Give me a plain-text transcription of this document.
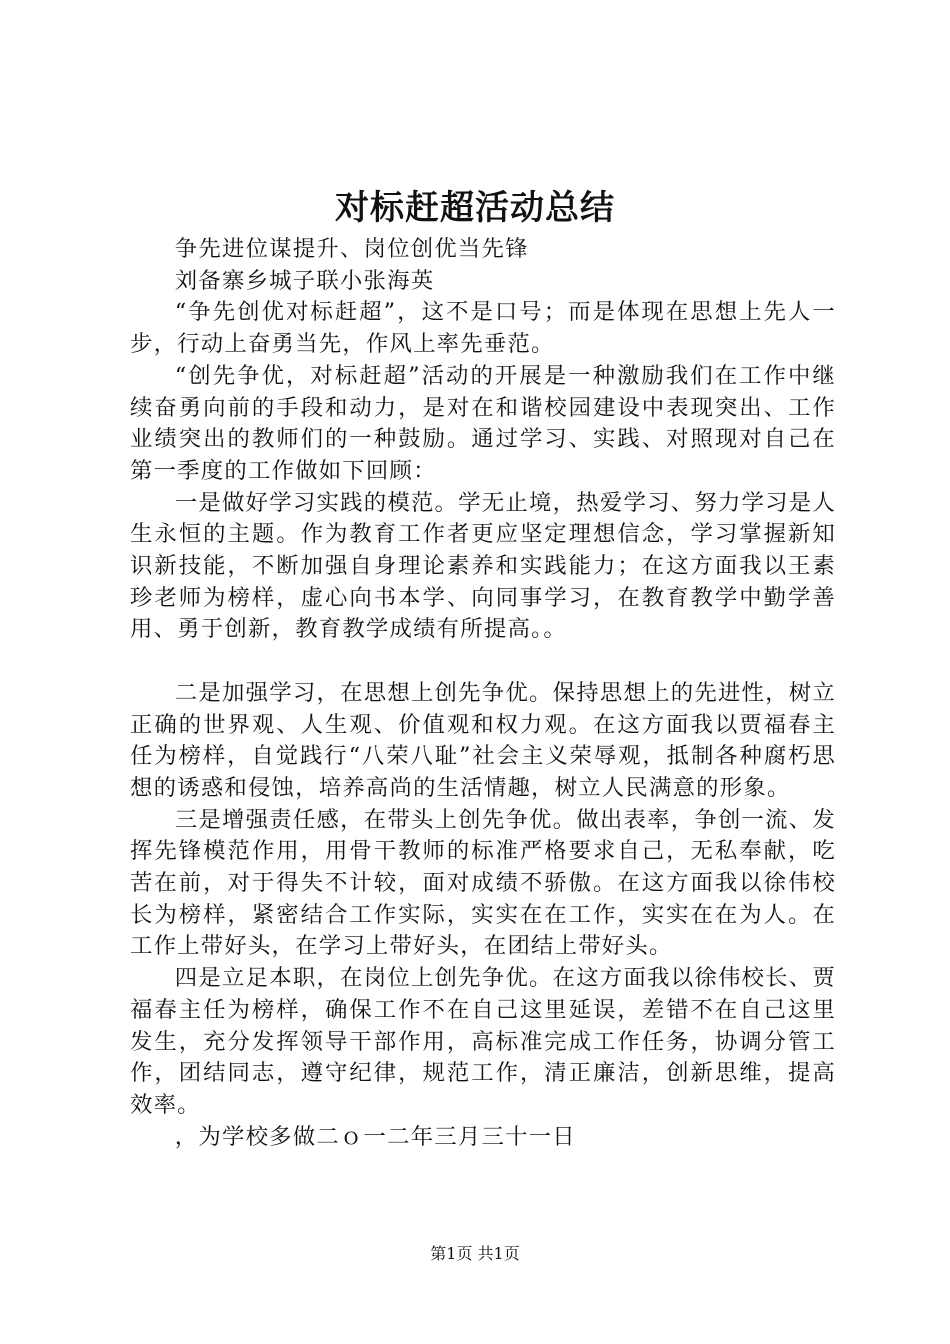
对标赶超活动总结

争先进位谋提升、岗位创优当先锋

刘备寨乡城子联小张海英

“争先创优对标赶超”，这不是口号；而是体现在思想上先人一步，行动上奋勇当先，作风上率先垂范。

“创先争优，对标赶超”活动的开展是一种激励我们在工作中继续奋勇向前的手段和动力，是对在和谐校园建设中表现突出、工作业绩突出的教师们的一种鼓励。通过学习、实践、对照现对自己在第一季度的工作做如下回顾：

一是做好学习实践的模范。学无止境，热爱学习、努力学习是人生永恒的主题。作为教育工作者更应坚定理想信念，学习掌握新知识新技能，不断加强自身理论素养和实践能力；在这方面我以王素珍老师为榜样，虚心向书本学、向同事学习，在教育教学中勤学善用、勇于创新，教育教学成绩有所提高。。

二是加强学习，在思想上创先争优。保持思想上的先进性，树立正确的世界观、人生观、价值观和权力观。在这方面我以贾福春主任为榜样，自觉践行“八荣八耻”社会主义荣辱观，抵制各种腐朽思想的诱惑和侵蚀，培养高尚的生活情趣，树立人民满意的形象。

三是增强责任感，在带头上创先争优。做出表率，争创一流、发挥先锋模范作用，用骨干教师的标准严格要求自己，无私奉献，吃苦在前，对于得失不计较，面对成绩不骄傲。在这方面我以徐伟校长为榜样，紧密结合工作实际，实实在在工作，实实在在为人。在工作上带好头，在学习上带好头，在团结上带好头。

四是立足本职，在岗位上创先争优。在这方面我以徐伟校长、贾福春主任为榜样，确保工作不在自己这里延误，差错不在自己这里发生，充分发挥领导干部作用，高标准完成工作任务，协调分管工作，团结同志，遵守纪律，规范工作，清正廉洁，创新思维，提高效率。

，为学校多做二ｏ一二年三月三十一日

第1页 共1页
